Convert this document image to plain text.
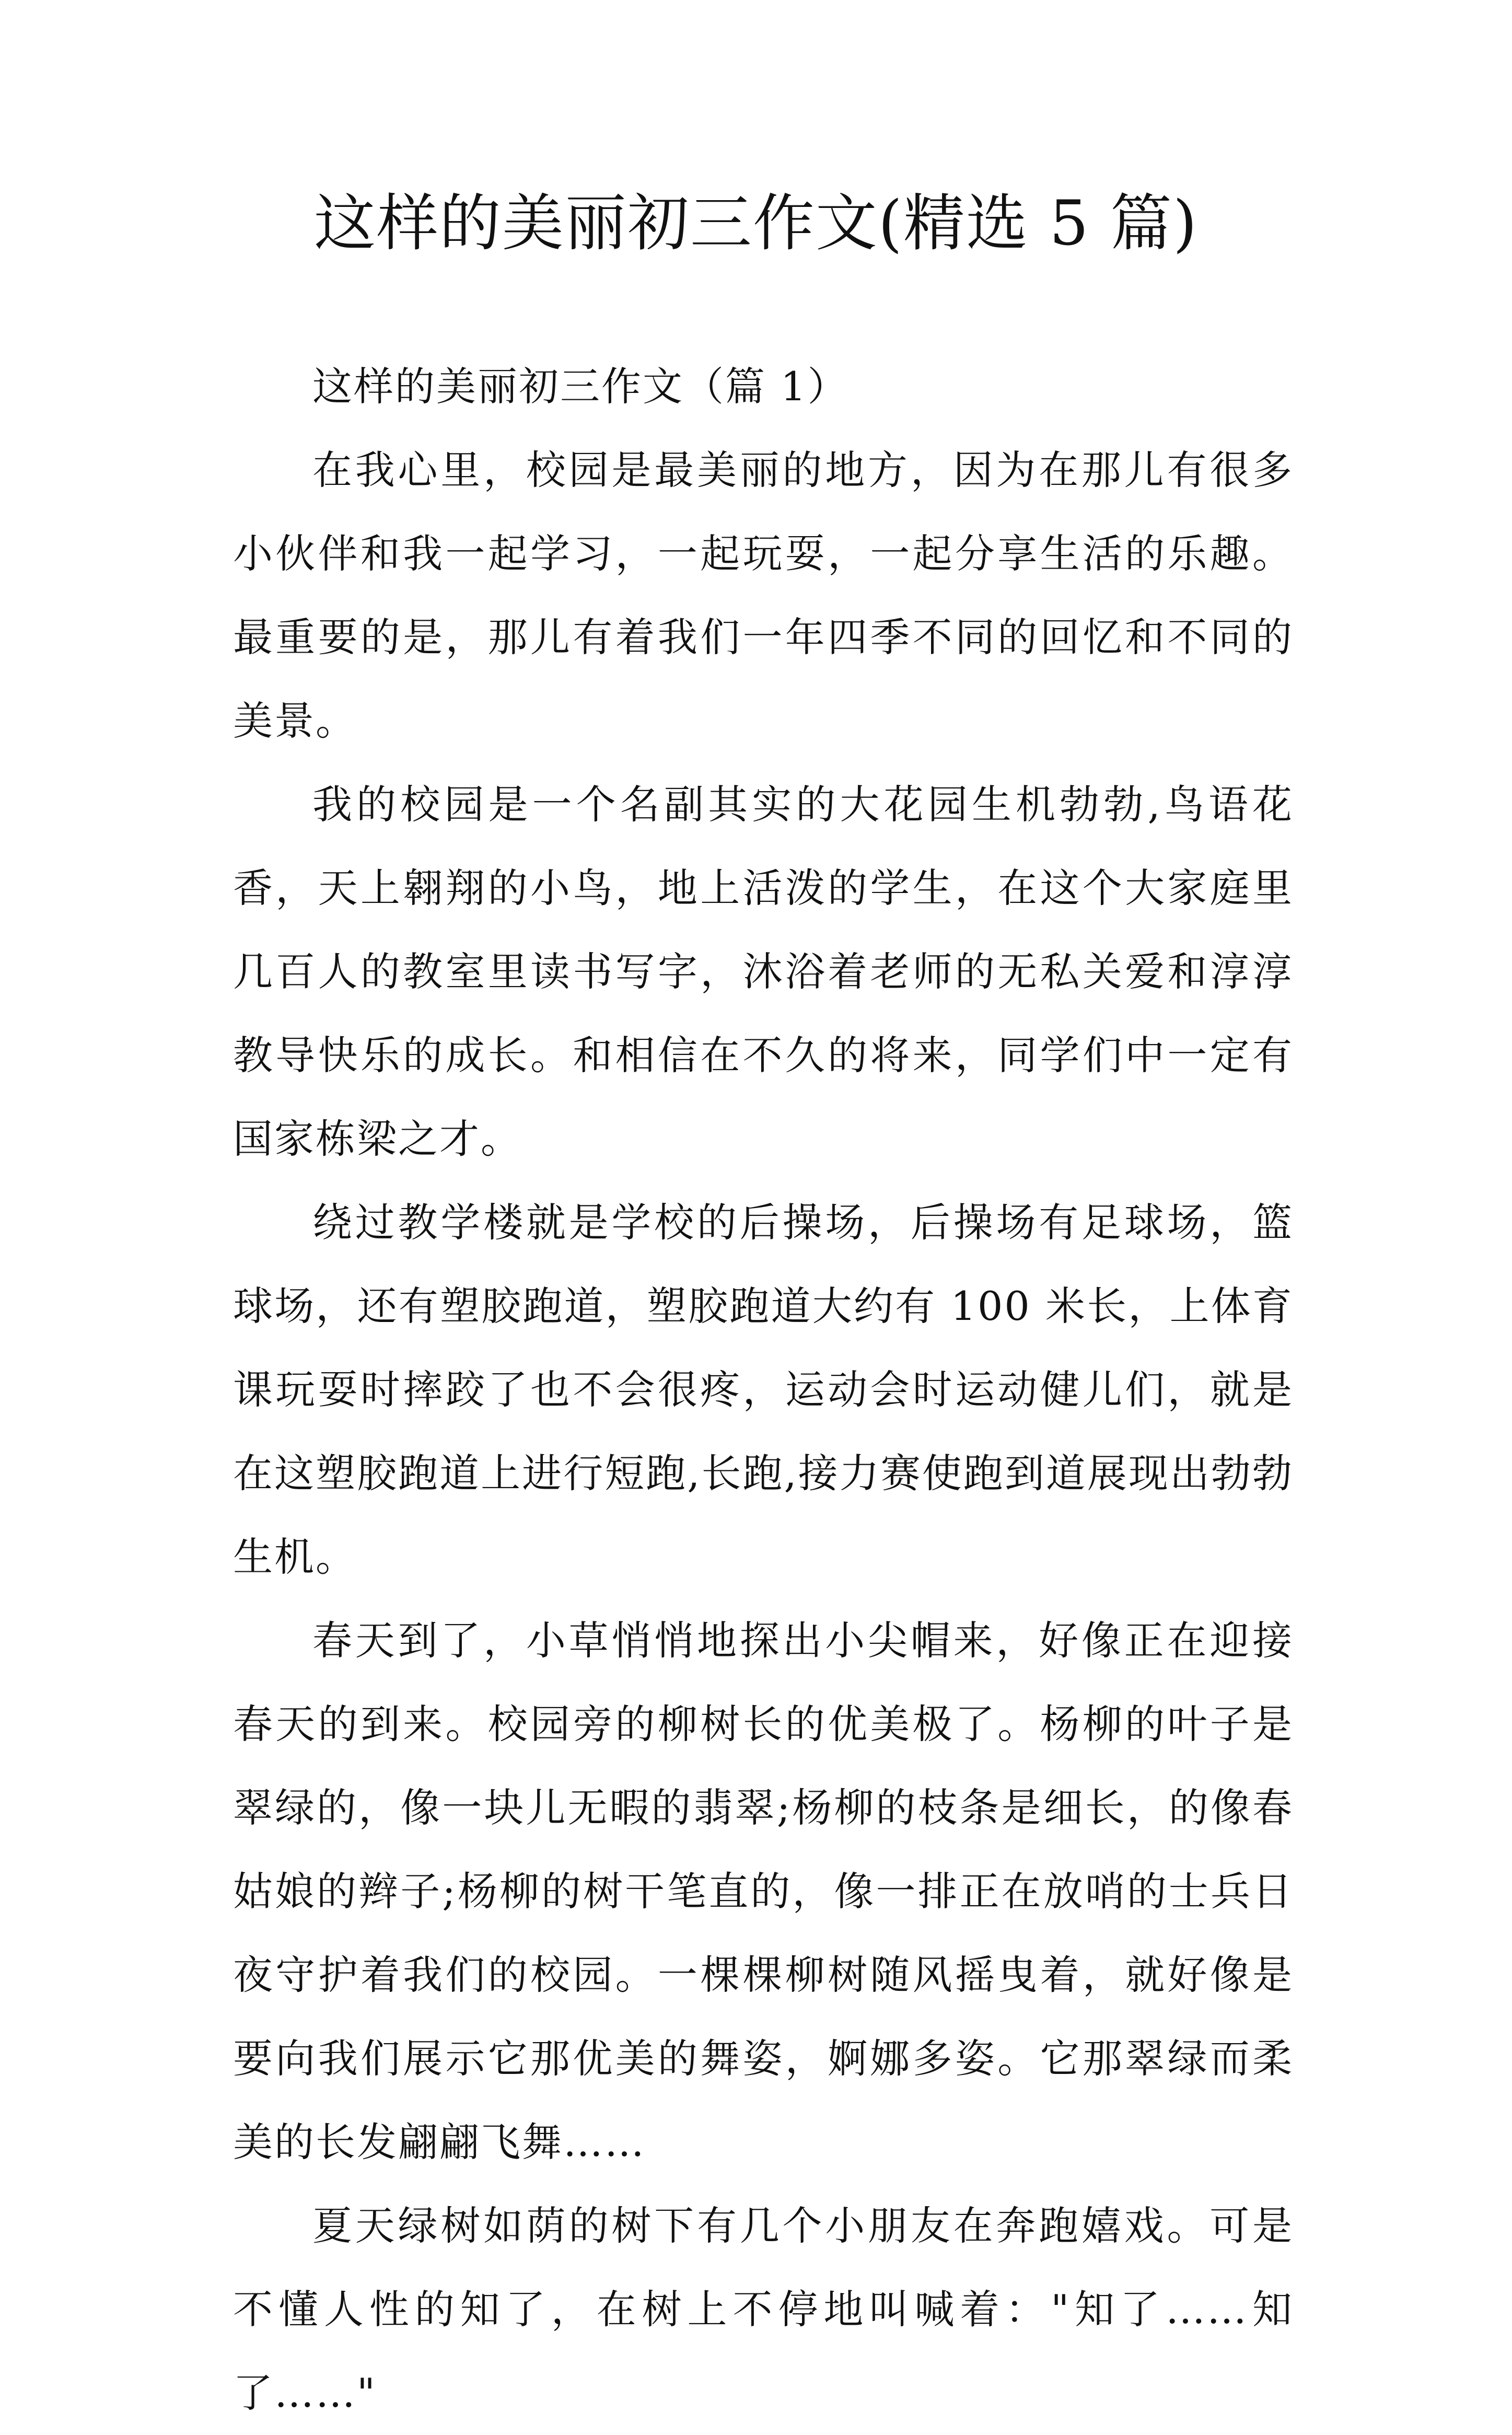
这样的美丽初三作文(精选 5 篇)

这样的美丽初三作文（篇 1）

在我心里，校园是最美丽的地方，因为在那儿有很多小伙伴和我一起学习，一起玩耍，一起分享生活的乐趣。最重要的是，那儿有着我们一年四季不同的回忆和不同的美景。

我的校园是一个名副其实的大花园生机勃勃,鸟语花香，天上翱翔的小鸟，地上活泼的学生，在这个大家庭里几百人的教室里读书写字，沐浴着老师的无私关爱和淳淳教导快乐的成长。和相信在不久的将来，同学们中一定有国家栋梁之才。

绕过教学楼就是学校的后操场，后操场有足球场，篮球场，还有塑胶跑道，塑胶跑道大约有 100 米长，上体育课玩耍时摔跤了也不会很疼，运动会时运动健儿们，就是在这塑胶跑道上进行短跑,长跑,接力赛使跑到道展现出勃勃生机。

春天到了，小草悄悄地探出小尖帽来，好像正在迎接春天的到来。校园旁的柳树长的优美极了。杨柳的叶子是翠绿的，像一块儿无暇的翡翠;杨柳的枝条是细长，的像春姑娘的辫子;杨柳的树干笔直的，像一排正在放哨的士兵日夜守护着我们的校园。一棵棵柳树随风摇曳着，就好像是要向我们展示它那优美的舞姿，婀娜多姿。它那翠绿而柔美的长发翩翩飞舞……

夏天绿树如荫的树下有几个小朋友在奔跑嬉戏。可是不懂人性的知了，在树上不停地叫喊着："知了……知了……"
